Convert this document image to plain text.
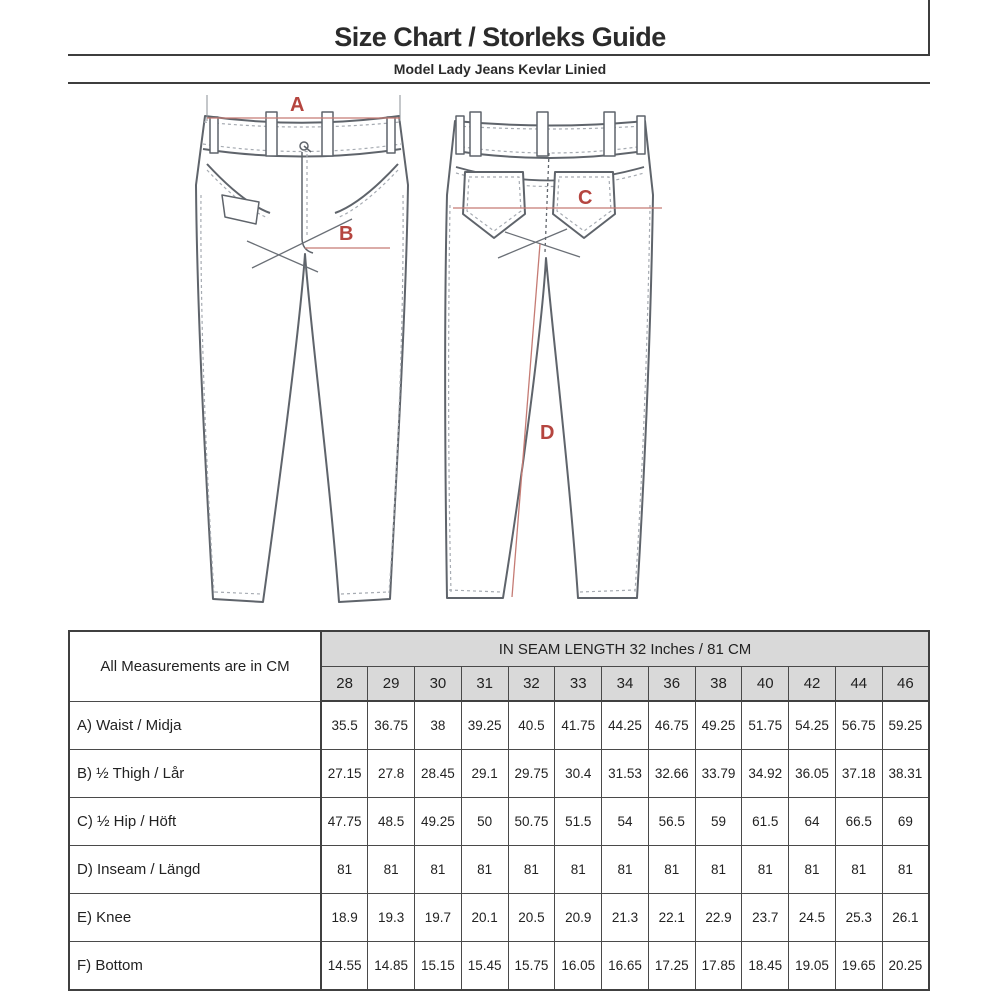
Size Chart / Storleks Guide
Model Lady Jeans Kevlar Linied
A
B
C
D
All Measurements are in CM	IN SEAM LENGTH 32 Inches / 81 CM												
	28	29	30	31	32	33	34	36	38	40	42	44	46
A) Waist / Midja	35.5	36.75	38	39.25	40.5	41.75	44.25	46.75	49.25	51.75	54.25	56.75	59.25
B) ½ Thigh / Lår	27.15	27.8	28.45	29.1	29.75	30.4	31.53	32.66	33.79	34.92	36.05	37.18	38.31
C) ½ Hip / Höft	47.75	48.5	49.25	50	50.75	51.5	54	56.5	59	61.5	64	66.5	69
D) Inseam / Längd	81	81	81	81	81	81	81	81	81	81	81	81	81
E) Knee	18.9	19.3	19.7	20.1	20.5	20.9	21.3	22.1	22.9	23.7	24.5	25.3	26.1
F) Bottom	14.55	14.85	15.15	15.45	15.75	16.05	16.65	17.25	17.85	18.45	19.05	19.65	20.25
